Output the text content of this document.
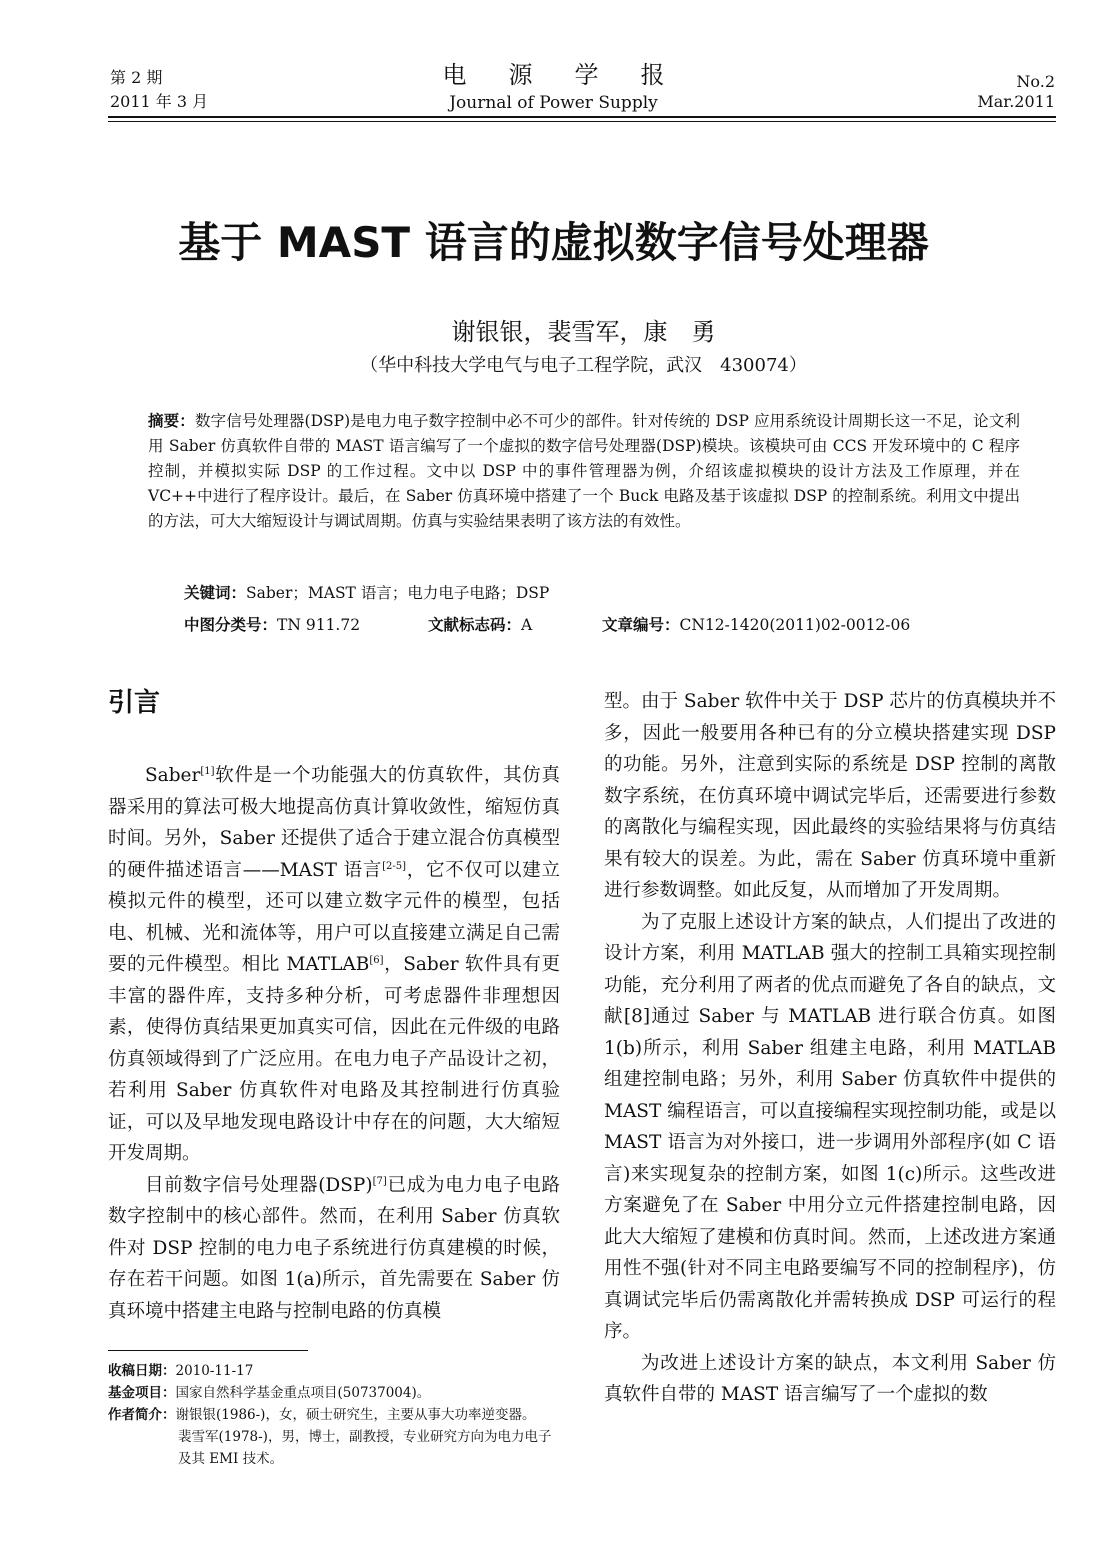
第 2 期
2011 年 3 月
电源学报
Journal of Power Supply
No.2
Mar.2011
基于 MAST 语言的虚拟数字信号处理器
谢银银，裴雪军，康　勇
（华中科技大学电气与电子工程学院，武汉　430074）
摘要：数字信号处理器(DSP)是电力电子数字控制中必不可少的部件。针对传统的 DSP 应用系统设计周期长这一不足，论文利用 Saber 仿真软件自带的 MAST 语言编写了一个虚拟的数字信号处理器(DSP)模块。该模块可由 CCS 开发环境中的 C 程序控制，并模拟实际 DSP 的工作过程。文中以 DSP 中的事件管理器为例，介绍该虚拟模块的设计方法及工作原理，并在 VC++中进行了程序设计。最后，在 Saber 仿真环境中搭建了一个 Buck 电路及基于该虚拟 DSP 的控制系统。利用文中提出的方法，可大大缩短设计与调试周期。仿真与实验结果表明了该方法的有效性。
关键词：Saber；MAST 语言；电力电子电路；DSP
中图分类号：TN 911.72	文献标志码：A	文章编号：CN12-1420(2011)02-0012-06
引言

Saber[1]软件是一个功能强大的仿真软件，其仿真器采用的算法可极大地提高仿真计算收敛性，缩短仿真时间。另外，Saber 还提供了适合于建立混合仿真模型的硬件描述语言——MAST 语言[2-5]，它不仅可以建立模拟元件的模型，还可以建立数字元件的模型，包括电、机械、光和流体等，用户可以直接建立满足自己需要的元件模型。相比 MATLAB[6]，Saber 软件具有更丰富的器件库，支持多种分析，可考虑器件非理想因素，使得仿真结果更加真实可信，因此在元件级的电路仿真领域得到了广泛应用。在电力电子产品设计之初，若利用 Saber 仿真软件对电路及其控制进行仿真验证，可以及早地发现电路设计中存在的问题，大大缩短开发周期。

目前数字信号处理器(DSP)[7]已成为电力电子电路数字控制中的核心部件。然而，在利用 Saber 仿真软件对 DSP 控制的电力电子系统进行仿真建模的时候，存在若干问题。如图 1(a)所示，首先需要在 Saber 仿真环境中搭建主电路与控制电路的仿真模

型。由于 Saber 软件中关于 DSP 芯片的仿真模块并不多，因此一般要用各种已有的分立模块搭建实现 DSP 的功能。另外，注意到实际的系统是 DSP 控制的离散数字系统，在仿真环境中调试完毕后，还需要进行参数的离散化与编程实现，因此最终的实验结果将与仿真结果有较大的误差。为此，需在 Saber 仿真环境中重新进行参数调整。如此反复，从而增加了开发周期。

为了克服上述设计方案的缺点，人们提出了改进的设计方案，利用 MATLAB 强大的控制工具箱实现控制功能，充分利用了两者的优点而避免了各自的缺点，文献[8]通过 Saber 与 MATLAB 进行联合仿真。如图 1(b)所示，利用 Saber 组建主电路，利用 MATLAB 组建控制电路；另外，利用 Saber 仿真软件中提供的 MAST 编程语言，可以直接编程实现控制功能，或是以 MAST 语言为对外接口，进一步调用外部程序(如 C 语言)来实现复杂的控制方案，如图 1(c)所示。这些改进方案避免了在 Saber 中用分立元件搭建控制电路，因此大大缩短了建模和仿真时间。然而，上述改进方案通用性不强(针对不同主电路要编写不同的控制程序)，仿真调试完毕后仍需离散化并需转换成 DSP 可运行的程序。

为改进上述设计方案的缺点，本文利用 Saber 仿真软件自带的 MAST 语言编写了一个虚拟的数

收稿日期： 2010-11-17
基金项目： 国家自然科学基金重点项目(50737004)。
作者简介： 谢银银(1986-)，女，硕士研究生，主要从事大功率逆变器。
裴雪军(1978-)，男，博士，副教授，专业研究方向为电力电子及其 EMI 技术。
